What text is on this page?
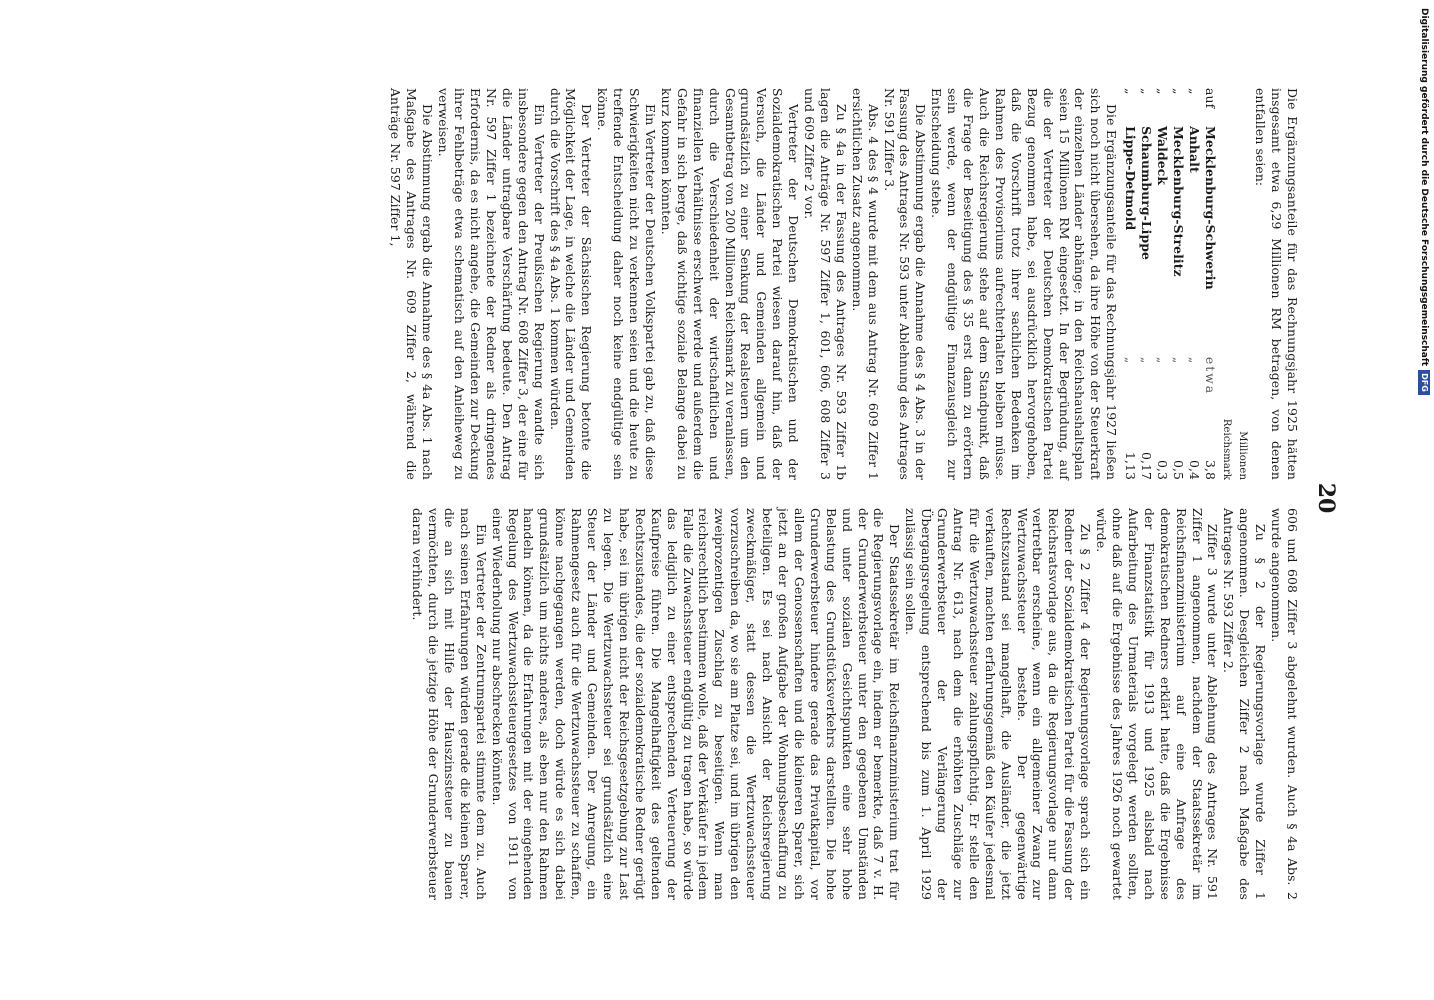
Digitalisierung gefördert durch die Deutsche ForschungsgemeinschaftDFG
20

Die Ergänzungsanteile für das Rechnungsjahr 1925 hätten insgesamt etwa 6,29 Millionen RM betragen, von denen entfallen seien:

			Millionen Reichsmark
auf	Mecklenburg-Schwerin	etwa	3,8
„	Anhalt	„	0,4
„	Mecklenburg-Strelitz	„	0,5
„	Waldeck	„	0,3
„	Schaumburg-Lippe	„	0,17
„	Lippe-Detmold	„	1,13

Die Ergänzungsanteile für das Rechnungsjahr 1927 ließen sich noch nicht übersehen, da ihre Höhe von der Steuerkraft der einzelnen Länder abhänge; in den Reichshaushaltsplan seien 15 Millionen RM eingesetzt. In der Begründung, auf die der Vertreter der Deutschen Demokratischen Partei Bezug genommen habe, sei ausdrücklich hervorgehoben, daß die Vorschrift trotz ihrer sachlichen Bedenken im Rahmen des Provisoriums aufrechterhalten bleiben müsse. Auch die Reichsregierung stehe auf dem Standpunkt, daß die Frage der Beseitigung des § 35 erst dann zu erörtern sein werde, wenn der endgültige Finanzausgleich zur Entscheidung stehe.

Die Abstimmung ergab die Annahme des § 4 Abs. 3 in der Fassung des Antrages Nr. 593 unter Ablehnung des Antrages Nr. 591 Ziffer 3.

Abs. 4 des § 4 wurde mit dem aus Antrag Nr. 609 Ziffer 1 ersichtlichen Zusatz angenommen.

Zu § 4a in der Fassung des Antrages Nr. 593 Ziffer 1b lagen die Anträge Nr. 597 Ziffer 1, 601, 606, 608 Ziffer 3 und 609 Ziffer 2 vor.

Vertreter der Deutschen Demokratischen und der Sozialdemokratischen Partei wiesen darauf hin, daß der Versuch, die Länder und Gemeinden allgemein und grundsätzlich zu einer Senkung der Realsteuern um den Gesamtbetrag von 200 Millionen Reichsmark zu veranlassen, durch die Verschiedenheit der wirtschaftlichen und finanziellen Verhältnisse erschwert werde und außerdem die Gefahr in sich berge, daß wichtige soziale Belange dabei zu kurz kommen könnten.

Ein Vertreter der Deutschen Volkspartei gab zu, daß diese Schwierigkeiten nicht zu verkennen seien und die heute zu treffende Entscheidung daher noch keine endgültige sein könne.

Der Vertreter der Sächsischen Regierung betonte die Möglichkeit der Lage, in welche die Länder und Gemeinden durch die Vorschrift des § 4a Abs. 1 kommen würden.

Ein Vertreter der Preußischen Regierung wandte sich insbesondere gegen den Antrag Nr. 608 Ziffer 3, der eine für die Länder untragbare Verschärfung bedeute. Den Antrag Nr. 597 Ziffer 1 bezeichnete der Redner als dringendes Erfordernis, da es nicht angehe, die Gemeinden zur Deckung ihrer Fehlbeträge etwa schematisch auf den Anleiheweg zu verweisen.

Die Abstimmung ergab die Annahme des § 4a Abs. 1 nach Maßgabe des Antrages Nr. 609 Ziffer 2, während die Anträge Nr. 597 Ziffer 1,

606 und 608 Ziffer 3 abgelehnt wurden. Auch § 4a Abs. 2 wurde angenommen.

Zu § 2 der Regierungsvorlage wurde Ziffer 1 angenommen. Desgleichen Ziffer 2 nach Maßgabe des Antrages Nr. 593 Ziffer 2.

Ziffer 3 wurde unter Ablehnung des Antrages Nr. 591 Ziffer 1 angenommen, nachdem der Staatssekretär im Reichsfinanzministerium auf eine Anfrage des demokratischen Redners erklärt hatte, daß die Ergebnisse der Finanzstatistik für 1913 und 1925 alsbald nach Aufarbeitung des Urmaterials vorgelegt werden sollten, ohne daß auf die Ergebnisse des Jahres 1926 noch gewartet würde.

Zu § 2 Ziffer 4 der Regierungsvorlage sprach sich ein Redner der Sozialdemokratischen Partei für die Fassung der Reichsratsvorlage aus, da die Regierungsvorlage nur dann vertretbar erscheine, wenn ein allgemeiner Zwang zur Wertzuwachssteuer bestehe. Der gegenwärtige Rechtszustand sei mangelhaft, die Ausländer, die jetzt verkauften, machten erfahrungsgemäß den Käufer jedesmal für die Wertzuwachssteuer zahlungspflichtig. Er stelle den Antrag Nr. 613, nach dem die erhöhten Zuschläge zur Grunderwerbsteuer der Verlängerung der Übergangsregelung entsprechend bis zum 1. April 1929 zulässig sein sollen.

Der Staatssekretär im Reichsfinanzministerium trat für die Regierungsvorlage ein, indem er bemerkte, daß 7 v. H. der Grunderwerbsteuer unter den gegebenen Umständen und unter sozialen Gesichtspunkten eine sehr hohe Belastung des Grundstücksverkehrs darstellten. Die hohe Grunderwerbsteuer hindere gerade das Privatkapital, vor allem der Genossenschaften und die kleineren Sparer, sich jetzt an der großen Aufgabe der Wohnungsbeschaffung zu beteiligen. Es sei nach Ansicht der Reichsregierung zweckmäßiger, statt dessen die Wertzuwachssteuer vorzuschreiben da, wo sie am Platze sei, und im übrigen den zweiprozentigen Zuschlag zu beseitigen. Wenn man reichsrechtlich bestimmen wolle, daß der Verkäufer in jedem Falle die Zuwachssteuer endgültig zu tragen habe, so würde das lediglich zu einer entsprechenden Verteuerung der Kaufpreise führen. Die Mangelhaftigkeit des geltenden Rechtszustandes, die der sozialdemokratische Redner gerügt habe, sei im übrigen nicht der Reichsgesetzgebung zur Last zu legen. Die Wertzuwachssteuer sei grundsätzlich eine Steuer der Länder und Gemeinden. Der Anregung, ein Rahmengesetz auch für die Wertzuwachssteuer zu schaffen, könne nachgegangen werden, doch würde es sich dabei grundsätzlich um nichts anderes, als eben nur den Rahmen handeln können, da die Erfahrungen mit der eingehenden Regelung des Wertzuwachssteuergesetzes von 1911 von einer Wiederholung nur abschrecken könnten.

Ein Vertreter der Zentrumspartei stimmte dem zu. Auch nach seinen Erfahrungen würden gerade die kleinen Sparer, die an sich mit Hilfe der Hauszinssteuer zu bauen vermöchten, durch die jetzige Höhe der Grunderwerbsteuer daran verhindert.
